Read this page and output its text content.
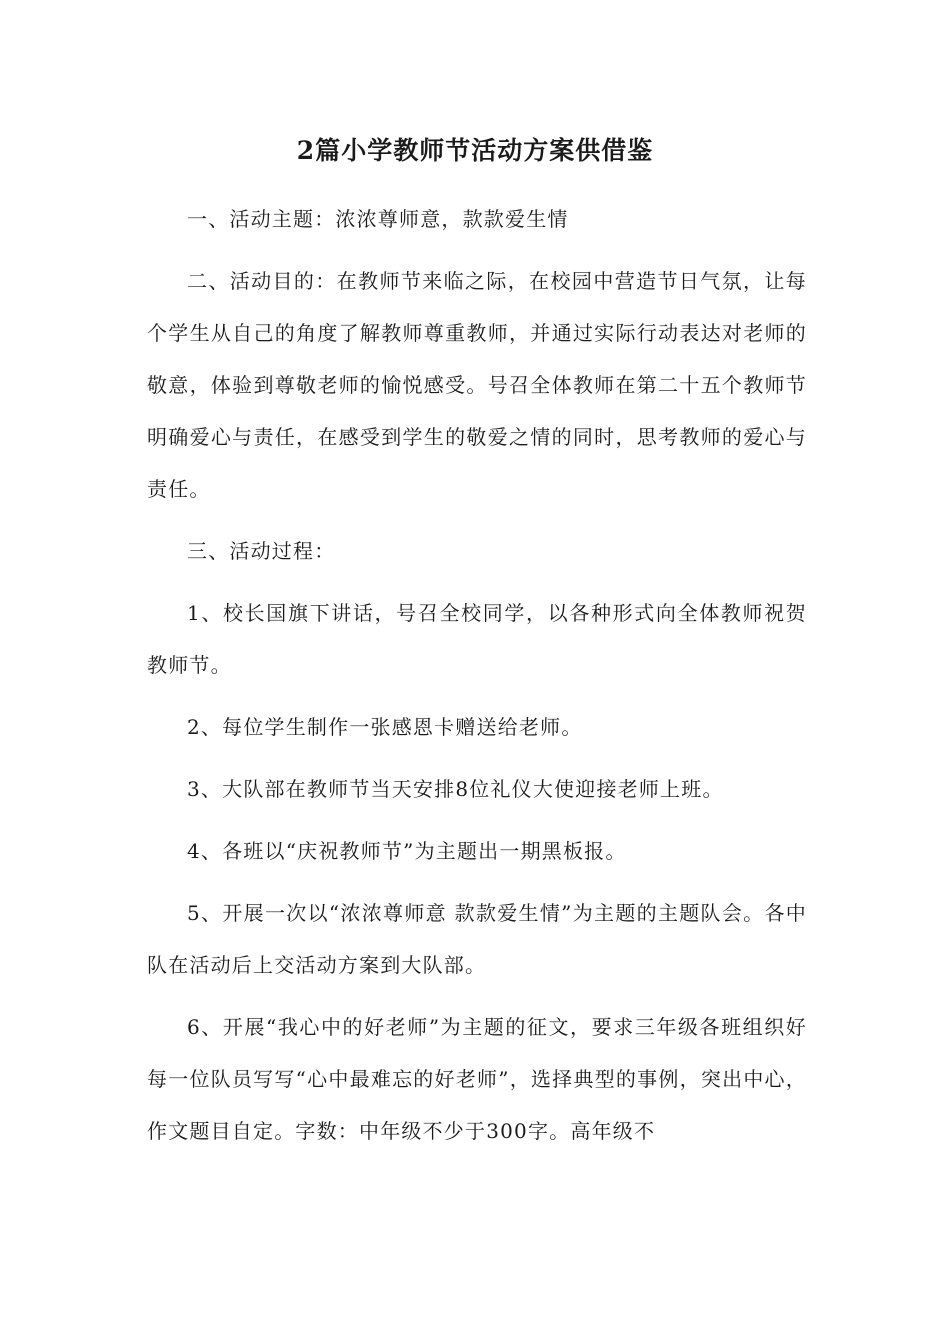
2篇小学教师节活动方案供借鉴

一、活动主题：浓浓尊师意，款款爱生情

二、活动目的：在教师节来临之际，在校园中营造节日气氛，让每个学生从自己的角度了解教师尊重教师，并通过实际行动表达对老师的敬意，体验到尊敬老师的愉悦感受。号召全体教师在第二十五个教师节明确爱心与责任，在感受到学生的敬爱之情的同时，思考教师的爱心与责任。

三、活动过程：

1、校长国旗下讲话，号召全校同学，以各种形式向全体教师祝贺教师节。

2、每位学生制作一张感恩卡赠送给老师。

3、大队部在教师节当天安排8位礼仪大使迎接老师上班。

4、各班以“庆祝教师节”为主题出一期黑板报。

5、开展一次以“浓浓尊师意 款款爱生情”为主题的主题队会。各中队在活动后上交活动方案到大队部。

6、开展“我心中的好老师”为主题的征文，要求三年级各班组织好每一位队员写写“心中最难忘的好老师”，选择典型的事例，突出中心，作文题目自定。字数：中年级不少于300字。高年级不
